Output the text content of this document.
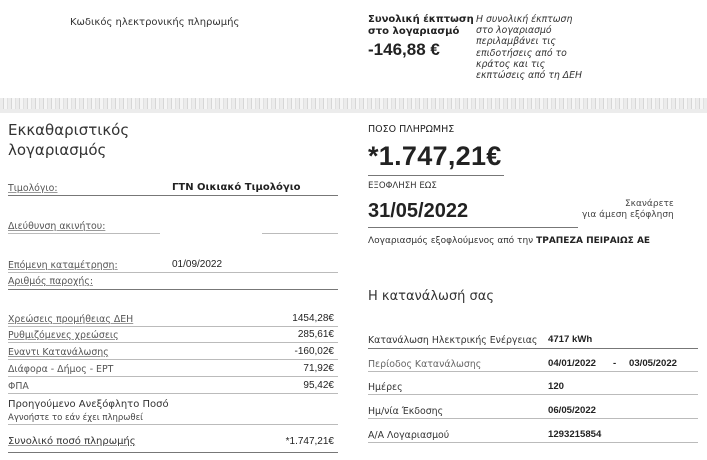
Κωδικός ηλεκτρονικής πληρωμής	Συνολική έκπτωση
στο λογαριασμό
-146,88 €
Η συνολική έκπτωση
στο λογαριασμό
περιλαμβάνει τις
επιδοτήσεις από το
κράτος και τις
εκπτώσεις από τη ΔΕΗ
Εκκαθαριστικός
λογαριασμός
Τιμολόγιο:	ΓΤΝ Οικιακό Τιμολόγιο
Διεύθυνση ακινήτου:
Επόμενη καταμέτρηση:	01/09/2022
Αριθμός παροχής:
Χρεώσεις προμήθειας ΔΕΗ	1454,28€
Ρυθμιζόμενες χρεώσεις	285,61€
Εναντι Κατανάλωσης	-160,02€
Διάφορα - Δήμος - ΕΡΤ	71,92€
ΦΠΑ	95,42€
Προηγούμενο Ανεξόφλητο Ποσό
Αγνοήστε το εάν έχει πληρωθεί
Συνολικό ποσό πληρωμής	*1.747,21€
ΠΟΣΟ ΠΛΗΡΩΜΗΣ
*1.747,21€
ΕΞΟΦΛΗΣΗ ΕΩΣ
31/05/2022	Σκανάρετε
για άμεση εξόφληση
Λογαριασμός εξοφλούμενος από την ΤΡΑΠΕΖΑ ΠΕΙΡΑΙΩΣ ΑΕ
Η κατανάλωσή σας
Κατανάλωση Ηλεκτρικής Ενέργειας 4717 kWh
Περίοδος Κατανάλωσης	04/01/2022 - 03/05/2022
Ημέρες	120
Ημ/νία Έκδοσης	06/05/2022
Α/Α Λογαριασμού	1293215854
